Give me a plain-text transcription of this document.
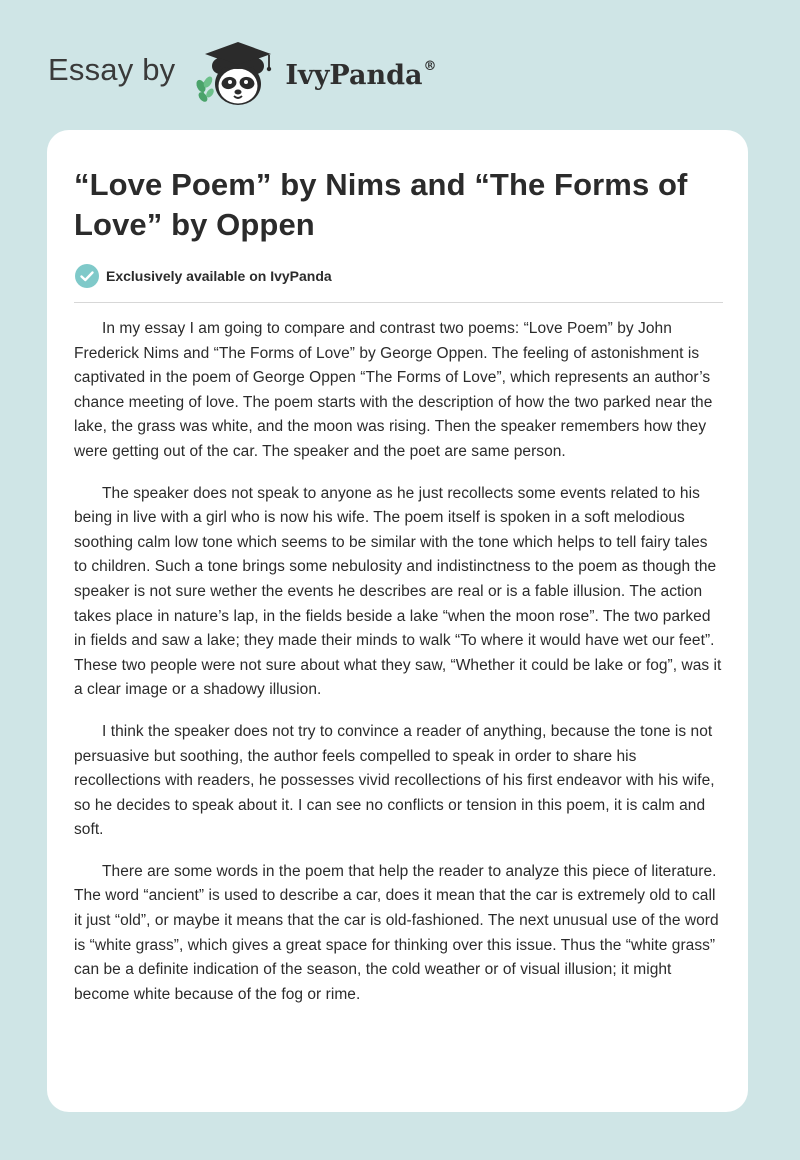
Essay by	IvyPanda®
“Love Poem” by Nims and “The Forms of Love” by Oppen
Exclusively available on IvyPanda

In my essay I am going to compare and contrast two poems: “Love Poem” by John Frederick Nims and “The Forms of Love” by George Oppen. The feeling of astonishment is captivated in the poem of George Oppen “The Forms of Love”, which represents an author’s chance meeting of love. The poem starts with the description of how the two parked near the lake, the grass was white, and the moon was rising. Then the speaker remembers how they were getting out of the car. The speaker and the poet are same person.

The speaker does not speak to anyone as he just recollects some events related to his being in live with a girl who is now his wife. The poem itself is spoken in a soft melodious soothing calm low tone which seems to be similar with the tone which helps to tell fairy tales to children. Such a tone brings some nebulosity and indistinctness to the poem as though the speaker is not sure wether the events he describes are real or is a fable illusion. The action takes place in nature’s lap, in the fields beside a lake “when the moon rose”. The two parked in fields and saw a lake; they made their minds to walk “To where it would have wet our feet”. These two people were not sure about what they saw, “Whether it could be lake or fog”, was it a clear image or a shadowy illusion.

I think the speaker does not try to convince a reader of anything, because the tone is not persuasive but soothing, the author feels compelled to speak in order to share his recollections with readers, he possesses vivid recollections of his first endeavor with his wife, so he decides to speak about it. I can see no conflicts or tension in this poem, it is calm and soft.

There are some words in the poem that help the reader to analyze this piece of literature. The word “ancient” is used to describe a car, does it mean that the car is extremely old to call it just “old”, or maybe it means that the car is old-fashioned. The next unusual use of the word is “white grass”, which gives a great space for thinking over this issue. Thus the “white grass” can be a definite indication of the season, the cold weather or of visual illusion; it might become white because of the fog or rime.
